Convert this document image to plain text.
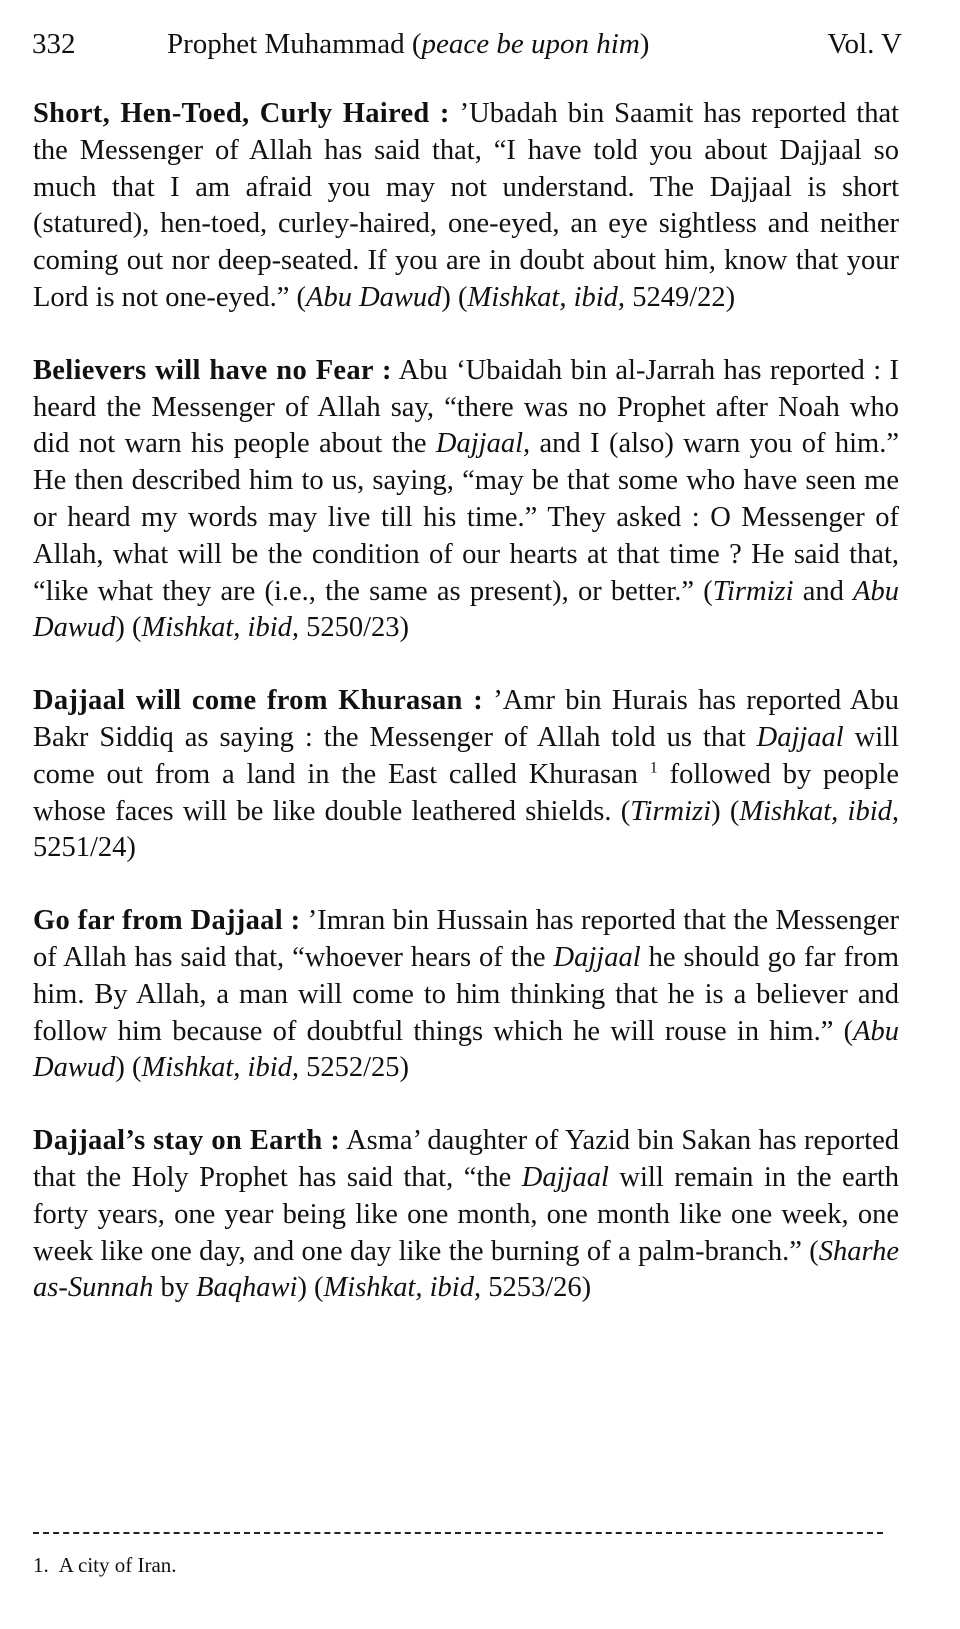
332	Prophet Muhammad (peace be upon him)	Vol. V

Short, Hen-Toed, Curly Haired : ’Ubadah bin Saamit has reported that the Messenger of Allah has said that, “I have told you about Dajjaal so much that I am afraid you may not understand. The Dajjaal is short (statured), hen-toed, curley-haired, one-eyed, an eye sightless and neither coming out nor deep-seated. If you are in doubt about him, know that your Lord is not one-eyed.” (Abu Dawud) (Mishkat, ibid, 5249/22)

Believers will have no Fear : Abu ‘Ubaidah bin al-Jarrah has reported : I heard the Messenger of Allah say, “there was no Prophet after Noah who did not warn his people about the Dajjaal, and I (also) warn you of him.” He then described him to us, saying, “may be that some who have seen me or heard my words may live till his time.” They asked : O Messenger of Allah, what will be the condition of our hearts at that time ? He said that, “like what they are (i.e., the same as present), or better.” (Tirmizi and Abu Dawud) (Mishkat, ibid, 5250/23)

Dajjaal will come from Khurasan : ’Amr bin Hurais has reported Abu Bakr Siddiq as saying : the Messenger of Allah told us that Dajjaal will come out from a land in the East called Khurasan $^1$ followed by people whose faces will be like double leathered shields. (Tirmizi) (Mishkat, ibid, 5251/24)

Go far from Dajjaal : ’Imran bin Hussain has reported that the Messenger of Allah has said that, “whoever hears of the Dajjaal he should go far from him. By Allah, a man will come to him thinking that he is a believer and follow him because of doubtful things which he will rouse in him.” (Abu Dawud) (Mishkat, ibid, 5252/25)

Dajjaal’s stay on Earth : Asma’ daughter of Yazid bin Sakan has reported that the Holy Prophet has said that, “the Dajjaal will remain in the earth forty years, one year being like one month, one month like one week, one week like one day, and one day like the burning of a palm-branch.” (Sharhe as-Sunnah by Baqhawi) (Mishkat, ibid, 5253/26)

1. A city of Iran.
